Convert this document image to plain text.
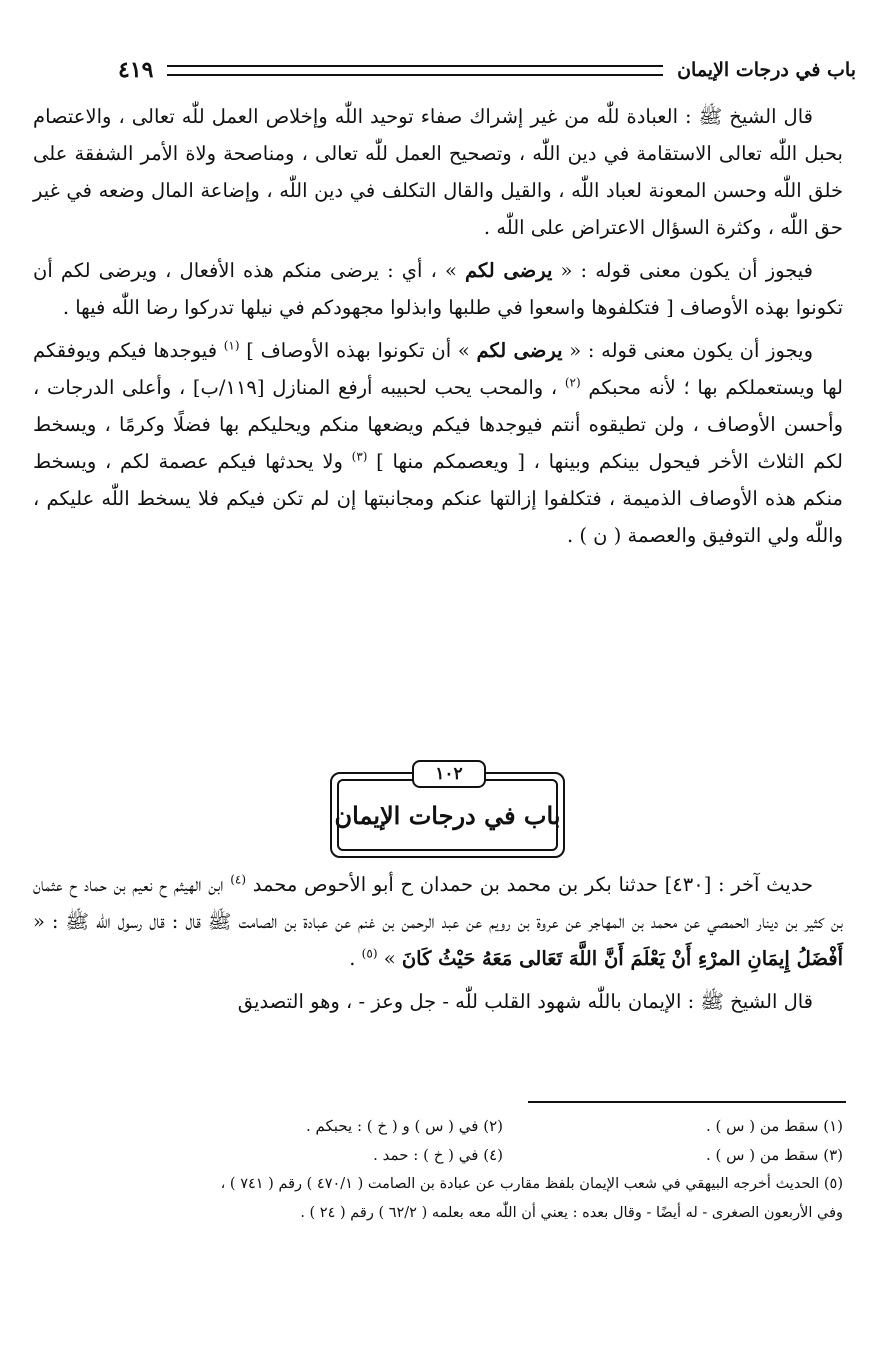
باب في درجات الإيمان
٤١٩

قال الشيخ ﷺ : العبادة للّٰه من غير إشراك صفاء توحيد اللّٰه وإخلاص العمل للّٰه تعالى ، والاعتصام بحبل اللّٰه تعالى الاستقامة في دين اللّٰه ، وتصحيح العمل للّٰه تعالى ، ومناصحة ولاة الأمر الشفقة على خلق اللّٰه وحسن المعونة لعباد اللّٰه ، والقيل والقال التكلف في دين اللّٰه ، وإضاعة المال وضعه في غير حق اللّٰه ، وكثرة السؤال الاعتراض على اللّٰه .

فيجوز أن يكون معنى قوله : « يرضى لكم » ، أي : يرضى منكم هذه الأفعال ، ويرضى لكم أن تكونوا بهذه الأوصاف [ فتكلفوها واسعوا في طلبها وابذلوا مجهودكم في نيلها تدركوا رضا اللّٰه فيها .

ويجوز أن يكون معنى قوله : « يرضى لكم » أن تكونوا بهذه الأوصاف ] $^{(١)}$ فيوجدها فيكم ويوفقكم لها ويستعملكم بها ؛ لأنه محبكم $^{(٢)}$ ، والمحب يحب لحبيبه أرفع المنازل [١١٩/ب] ، وأعلى الدرجات ، وأحسن الأوصاف ، ولن تطيقوه أنتم فيوجدها فيكم ويضعها منكم ويحليكم بها فضلًا وكرمًا ، ويسخط لكم الثلاث الأخر فيحول بينكم وبينها ، [ ويعصمكم منها ] $^{(٣)}$ ولا يحدثها فيكم عصمة لكم ، ويسخط منكم هذه الأوصاف الذميمة ، فتكلفوا إزالتها عنكم ومجانبتها إن لم تكن فيكم فلا يسخط اللّٰه عليكم ، واللّٰه ولي التوفيق والعصمة ( ن ) .

١٠٢
باب في درجات الإيمان

حديث آخر : [٤٣٠] حدثنا بكر بن محمد بن حمدان ح أبو الأحوص محمد $^{(٤)}$ ابن الهيثم ح نعيم بن حماد ح عثمان بن كثير بن دينار الحمصي عن محمد بن المهاجر عن عروة بن رويم عن عبد الرحمن بن غنم عن عبادة بن الصامت ﷺ قال : قال رسول اللّٰه ﷺ : « أَفْضَلُ إِيمَانِ المرْءِ أَنْ يَعْلَمَ أَنَّ اللَّهَ تَعَالى مَعَهُ حَيْثُ كَانَ » $^{(٥)}$ .

قال الشيخ ﷺ : الإيمان باللّٰه شهود القلب للّٰه - جل وعز - ، وهو التصديق

(١) سقط من ( س ) .
(٢) في ( س ) و ( خ ) : يحبكم .
(٣) سقط من ( س ) .
(٤) في ( خ ) : حمد .
(٥) الحديث أخرجه البيهقي في شعب الإيمان بلفظ مقارب عن عبادة بن الصامت ( ٤٧٠/١ ) رقم ( ٧٤١ ) ،
وفي الأربعون الصغرى - له أيضًا - وقال بعده : يعني أن اللّٰه معه بعلمه ( ٦٢/٢ ) رقم ( ٢٤ ) .
